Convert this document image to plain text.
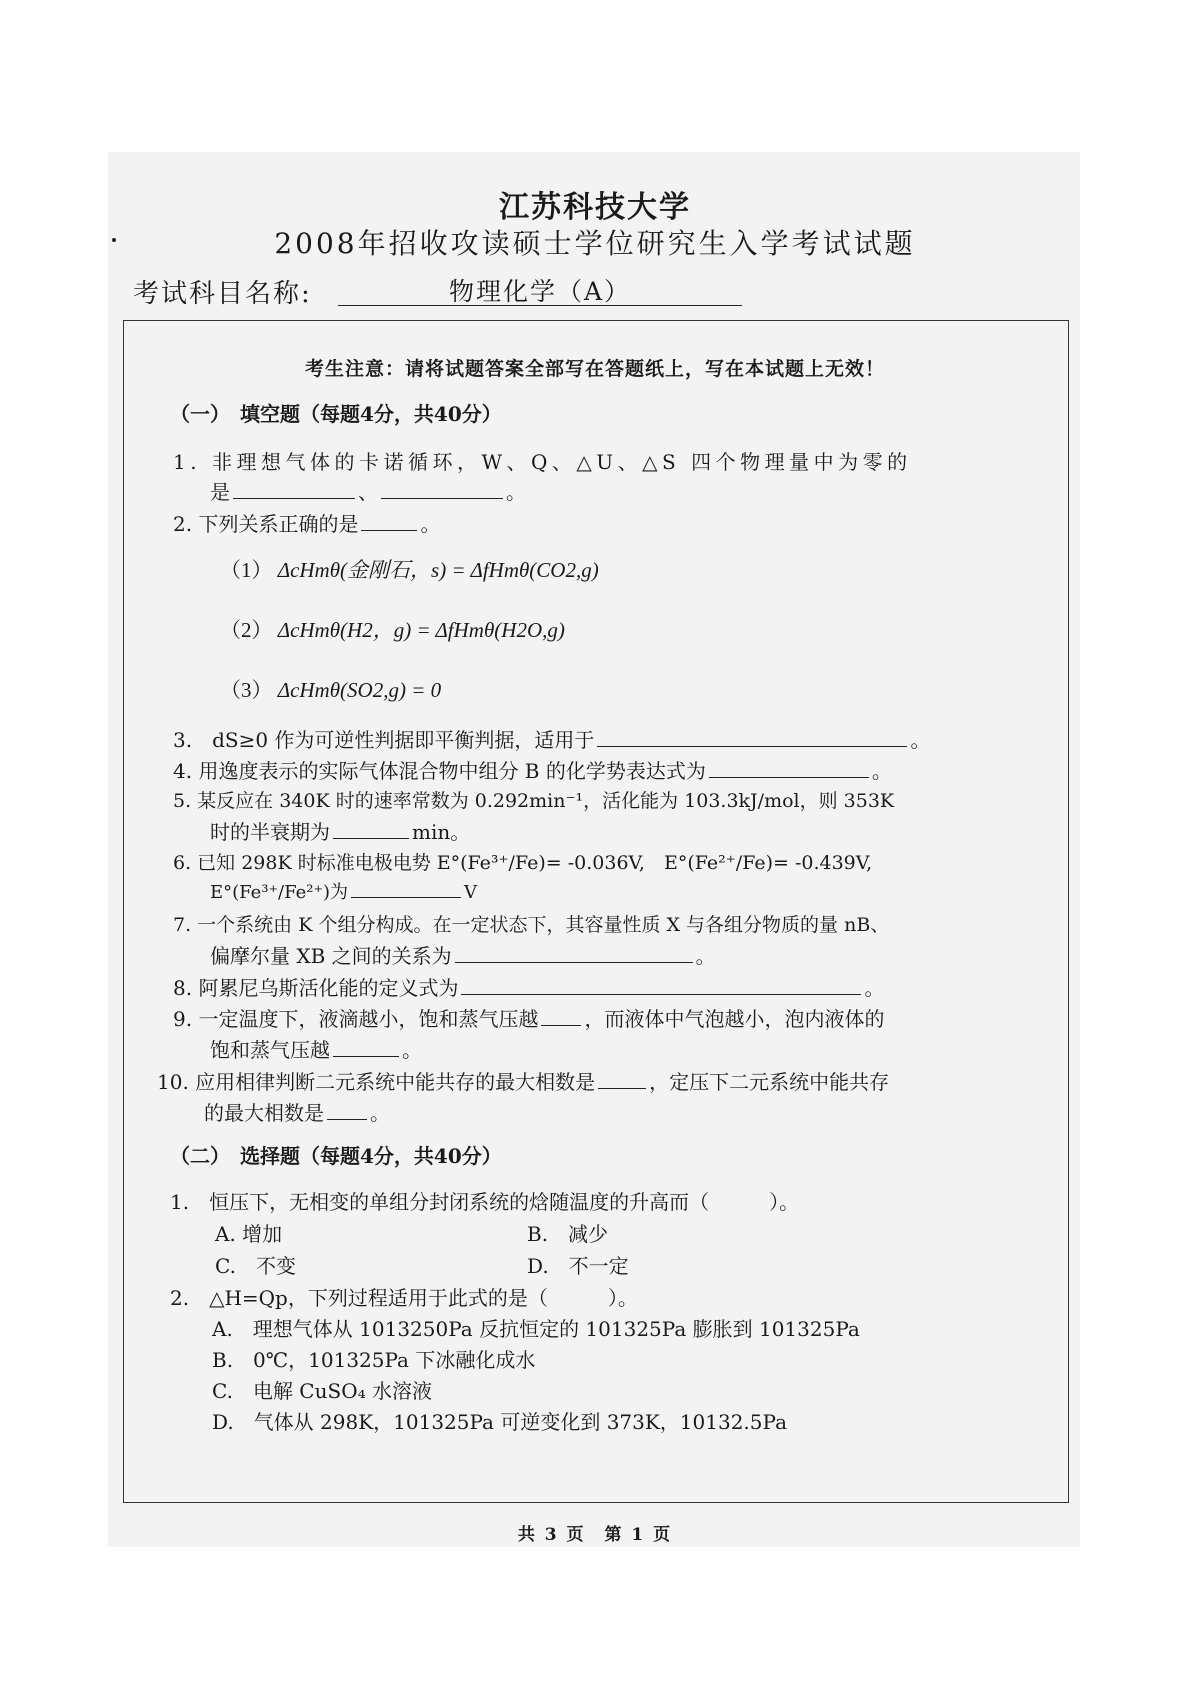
江苏科技大学
2008年招收攻读硕士学位研究生入学考试试题
考试科目名称:	物理化学（A）
考生注意：请将试题答案全部写在答题纸上，写在本试题上无效！
（一）　填空题（每题4分，共40分）
1. 非理想气体的卡诺循环，W、Q、△U、△S 四个物理量中为零的
是	、	。
2. 下列关系正确的是	。
（1） ΔcHmθ(金刚石，s) = ΔfHmθ(CO2,g)
（2） ΔcHmθ(H2，g) = ΔfHmθ(H2O,g)
（3） ΔcHmθ(SO2,g) = 0
3.　dS≥0 作为可逆性判据即平衡判据，适用于	。
4. 用逸度表示的实际气体混合物中组分 B 的化学势表达式为	。
5. 某反应在 340K 时的速率常数为 0.292min⁻¹，活化能为 103.3kJ/mol，则 353K
时的半衰期为	min。
6. 已知 298K 时标准电极电势 E°(Fe³⁺/Fe)= -0.036V,　E°(Fe²⁺/Fe)= -0.439V,
E°(Fe³⁺/Fe²⁺)为	V
7. 一个系统由 K 个组分构成。在一定状态下，其容量性质 X 与各组分物质的量 nB、
偏摩尔量 XB 之间的关系为	。
8. 阿累尼乌斯活化能的定义式为	。
9. 一定温度下，液滴越小，饱和蒸气压越 ，而液体中气泡越小，泡内液体的
饱和蒸气压越	。
10. 应用相律判断二元系统中能共存的最大相数是	，定压下二元系统中能共存
的最大相数是 。
（二）　选择题（每题4分，共40分）
1.　恒压下，无相变的单组分封闭系统的焓随温度的升高而（　　　）。
A. 增加	B.　减少
C.　不变	D.　不一定
2.　△H=Qp，下列过程适用于此式的是（　　　）。
A.　理想气体从 1013250Pa 反抗恒定的 101325Pa 膨胀到 101325Pa
B.　0℃，101325Pa 下冰融化成水
C.　电解 CuSO₄ 水溶液
D.　气体从 298K，101325Pa 可逆变化到 373K，10132.5Pa
共 3 页　第 1 页
